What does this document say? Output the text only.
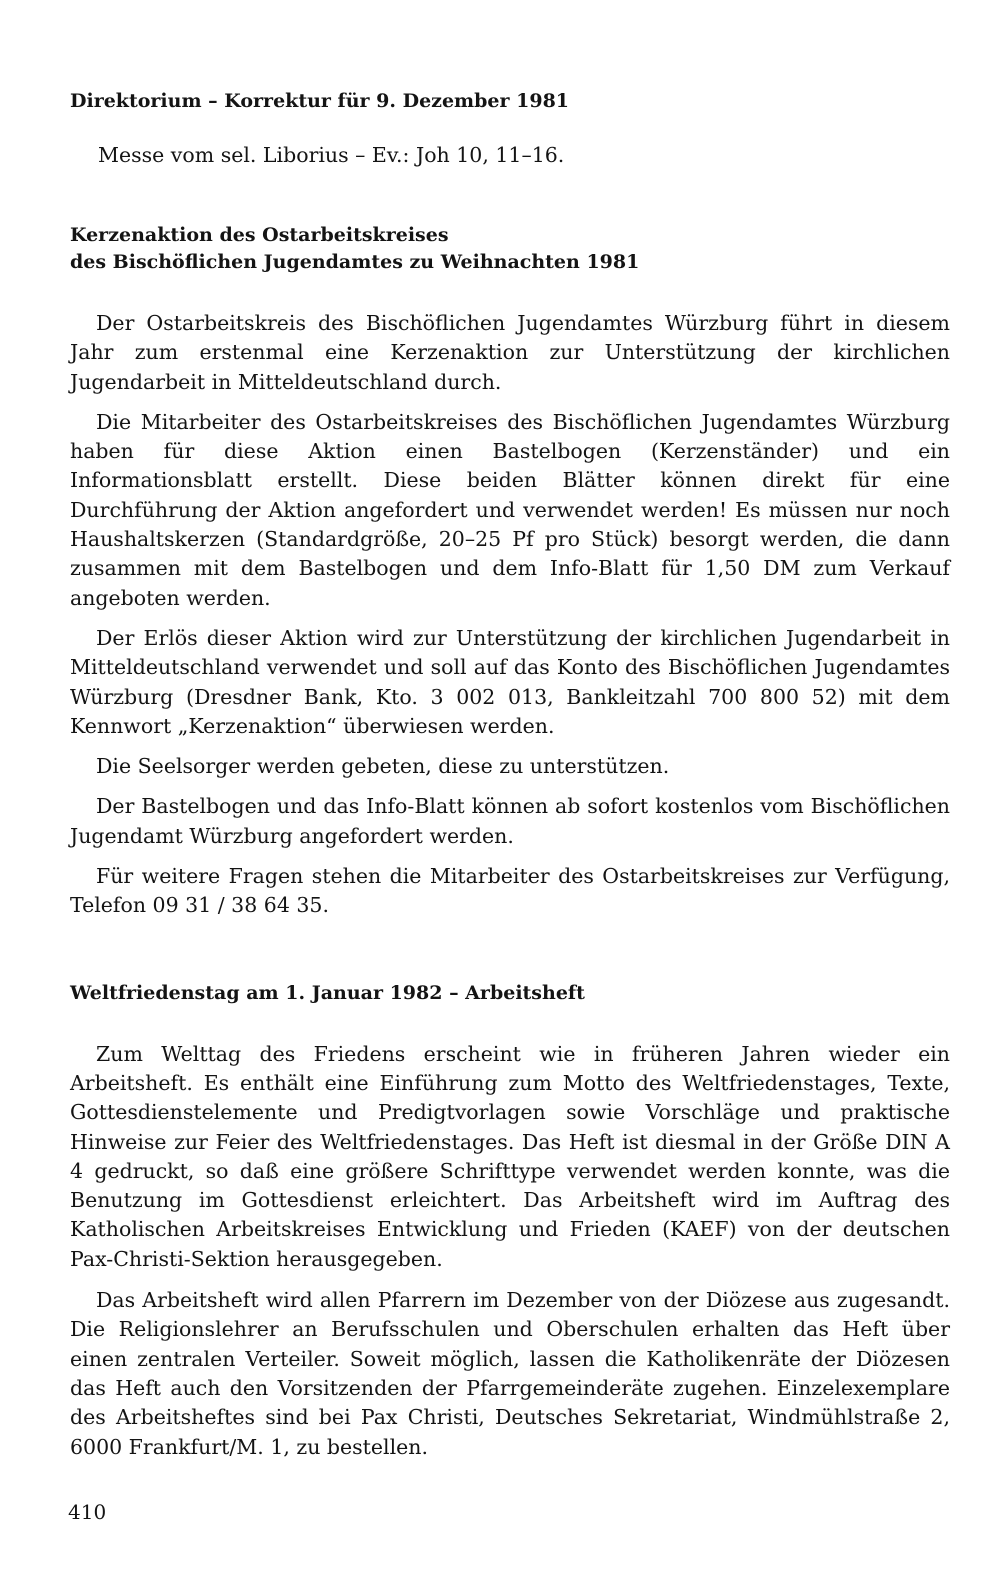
Direktorium – Korrektur für 9. Dezember 1981

Messe vom sel. Liborius – Ev.: Joh 10, 11–16.

Kerzenaktion des Ostarbeitskreises
des Bischöflichen Jugendamtes zu Weihnachten 1981

Der Ostarbeitskreis des Bischöflichen Jugendamtes Würzburg führt in diesem Jahr zum erstenmal eine Kerzenaktion zur Unterstützung der kirchlichen Jugendarbeit in Mitteldeutschland durch.

Die Mitarbeiter des Ostarbeitskreises des Bischöflichen Jugendamtes Würzburg haben für diese Aktion einen Bastelbogen (Kerzenständer) und ein Informationsblatt erstellt. Diese beiden Blätter können direkt für eine Durchführung der Aktion angefordert und verwendet werden! Es müssen nur noch Haushaltskerzen (Standardgröße, 20–25 Pf pro Stück) besorgt werden, die dann zusammen mit dem Bastelbogen und dem Info-Blatt für 1,50 DM zum Verkauf angeboten werden.

Der Erlös dieser Aktion wird zur Unterstützung der kirchlichen Jugendarbeit in Mitteldeutschland verwendet und soll auf das Konto des Bischöflichen Jugendamtes Würzburg (Dresdner Bank, Kto. 3 002 013, Bankleitzahl 700 800 52) mit dem Kennwort „Kerzenaktion“ überwiesen werden.

Die Seelsorger werden gebeten, diese zu unterstützen.

Der Bastelbogen und das Info-Blatt können ab sofort kostenlos vom Bischöflichen Jugendamt Würzburg angefordert werden.

Für weitere Fragen stehen die Mitarbeiter des Ostarbeitskreises zur Verfügung, Telefon 09 31 / 38 64 35.

Weltfriedenstag am 1. Januar 1982 – Arbeitsheft

Zum Welttag des Friedens erscheint wie in früheren Jahren wieder ein Arbeitsheft. Es enthält eine Einführung zum Motto des Weltfriedenstages, Texte, Gottesdienstelemente und Predigtvorlagen sowie Vorschläge und praktische Hinweise zur Feier des Weltfriedenstages. Das Heft ist diesmal in der Größe DIN A 4 gedruckt, so daß eine größere Schrifttype verwendet werden konnte, was die Benutzung im Gottesdienst erleichtert. Das Arbeitsheft wird im Auftrag des Katholischen Arbeitskreises Entwicklung und Frieden (KAEF) von der deutschen Pax-Christi-Sektion herausgegeben.

Das Arbeitsheft wird allen Pfarrern im Dezember von der Diözese aus zugesandt. Die Religionslehrer an Berufsschulen und Oberschulen erhalten das Heft über einen zentralen Verteiler. Soweit möglich, lassen die Katholikenräte der Diözesen das Heft auch den Vorsitzenden der Pfarrgemeinderäte zugehen. Einzelexemplare des Arbeitsheftes sind bei Pax Christi, Deutsches Sekretariat, Windmühlstraße 2, 6000 Frankfurt/M. 1, zu bestellen.

410
